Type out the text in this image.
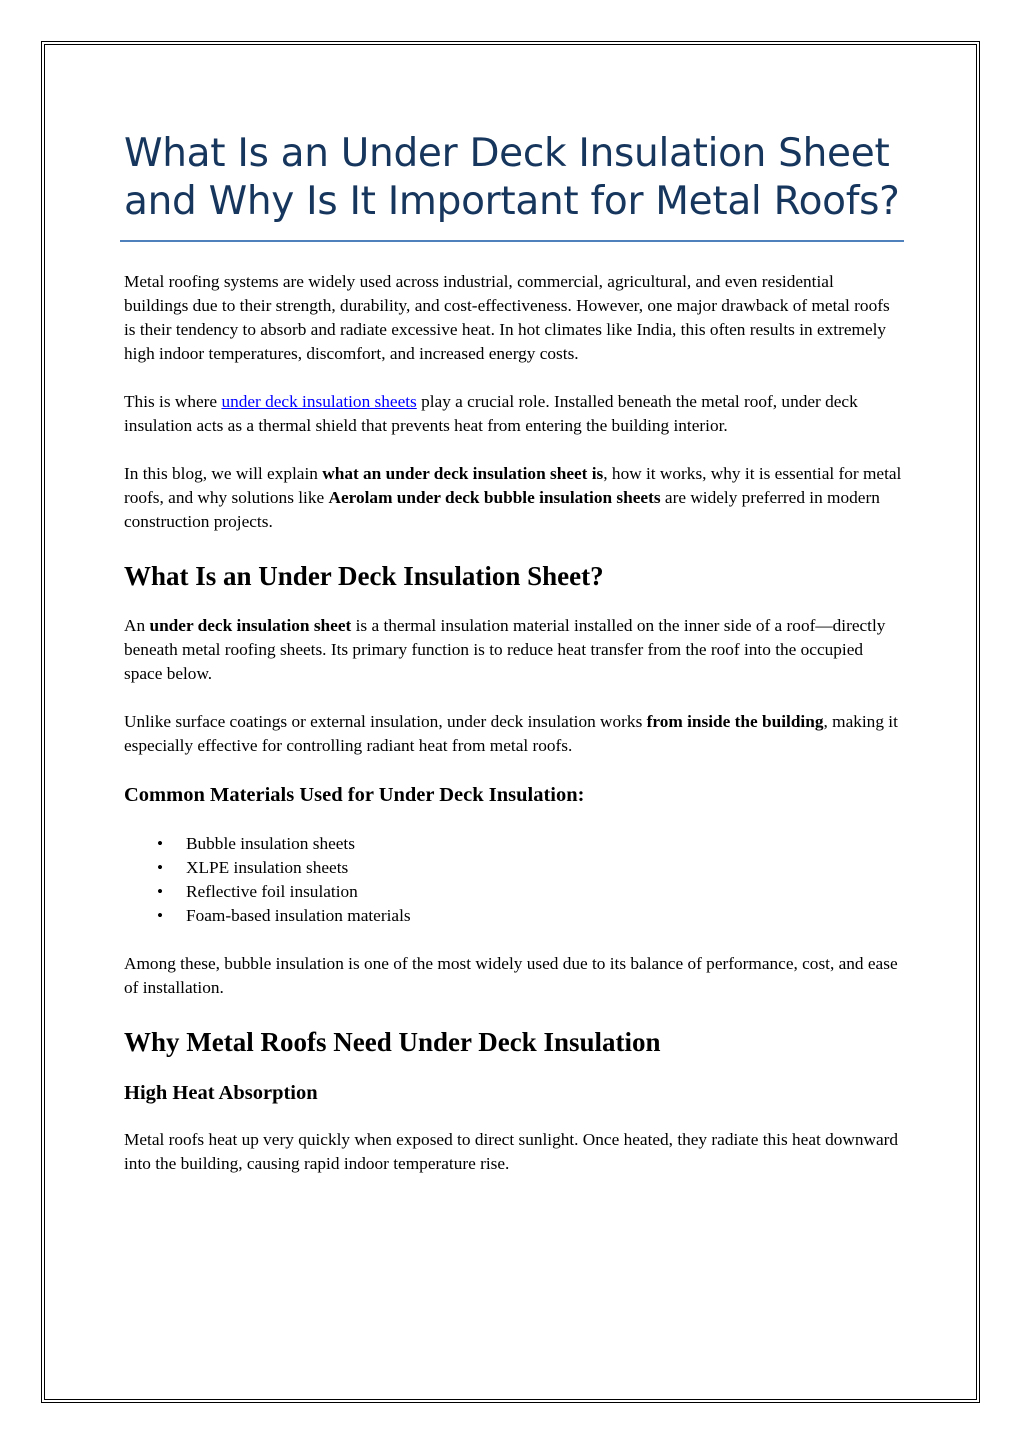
What Is an Under Deck Insulation Sheet and Why Is It Important for Metal Roofs?

Metal roofing systems are widely used across industrial, commercial, agricultural, and even residential buildings due to their strength, durability, and cost-effectiveness. However, one major drawback of metal roofs is their tendency to absorb and radiate excessive heat. In hot climates like India, this often results in extremely high indoor temperatures, discomfort, and increased energy costs.

This is where under deck insulation sheets play a crucial role. Installed beneath the metal roof, under deck insulation acts as a thermal shield that prevents heat from entering the building interior.

In this blog, we will explain what an under deck insulation sheet is, how it works, why it is essential for metal roofs, and why solutions like Aerolam under deck bubble insulation sheets are widely preferred in modern construction projects.

What Is an Under Deck Insulation Sheet?

An under deck insulation sheet is a thermal insulation material installed on the inner side of a roof—directly beneath metal roofing sheets. Its primary function is to reduce heat transfer from the roof into the occupied space below.

Unlike surface coatings or external insulation, under deck insulation works from inside the building, making it especially effective for controlling radiant heat from metal roofs.

Common Materials Used for Under Deck Insulation:
• Bubble insulation sheets
• XLPE insulation sheets
• Reflective foil insulation
• Foam-based insulation materials

Among these, bubble insulation is one of the most widely used due to its balance of performance, cost, and ease of installation.

Why Metal Roofs Need Under Deck Insulation
High Heat Absorption

Metal roofs heat up very quickly when exposed to direct sunlight. Once heated, they radiate this heat downward into the building, causing rapid indoor temperature rise.
